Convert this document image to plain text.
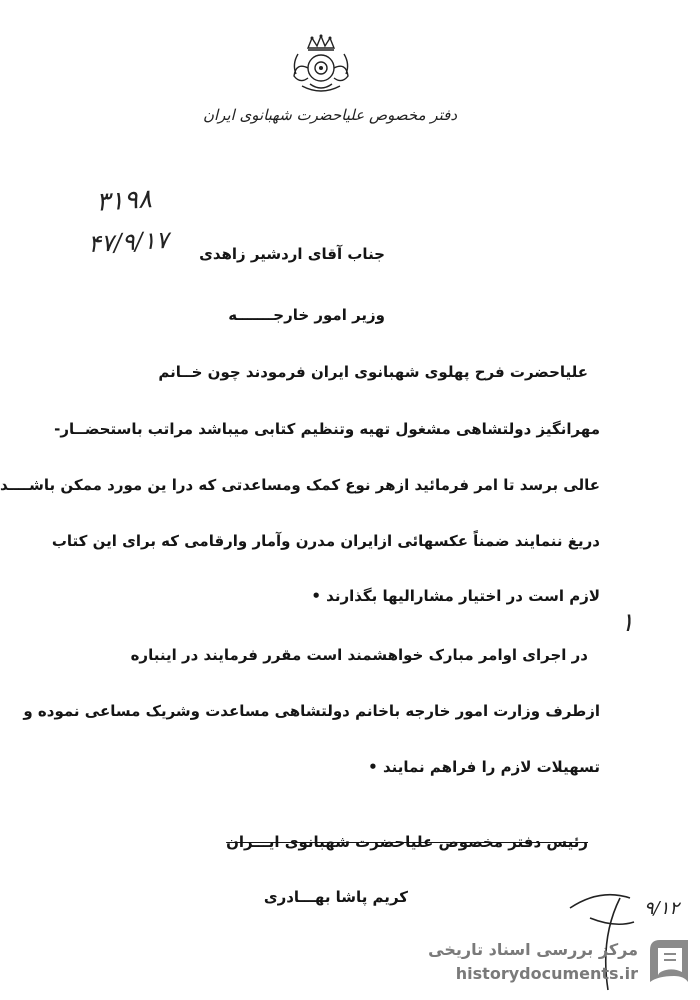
دفتر مخصوص علیاحضرت شهبانوی ایران
۳۱۹۸
۴۷/۹/۱۷ جناب آقای اردشیر زاهدی
وزیر امور خارجـــــــه
علیاحضرت فرح پهلوی شهبانوی ایران فرمودند چون خــانم
مهرانگیز دولتشاهی مشغول تهیه وتنظیم کتابی میباشد مراتب باستحضــار-
عالی برسد تا امر فرمائید ازهر نوع کمک ومساعدتی که درا ین مورد ممکن باشــــد
دریغ ننمایند ضمناً عکسهائی ازایران مدرن وآمار وارقامی که برای این کتاب
لازم است در اختیار مشارالیها بگذارند •
در اجرای اوامر مبارک خواهشمند است مقرر فرمایند در اینباره
ازطرف وزارت امور خارجه باخانم دولتشاهی مساعدت وشریک مساعی نموده و
تسهیلات لازم را فراهم نمایند •
۱
رئیس دفتر مخصوص علیاحضرت شهبانوی ایـــران
کریم پاشا بهـــادری
۹/۱۲
مرکز بررسی اسناد تاریخی
historydocuments.ir
